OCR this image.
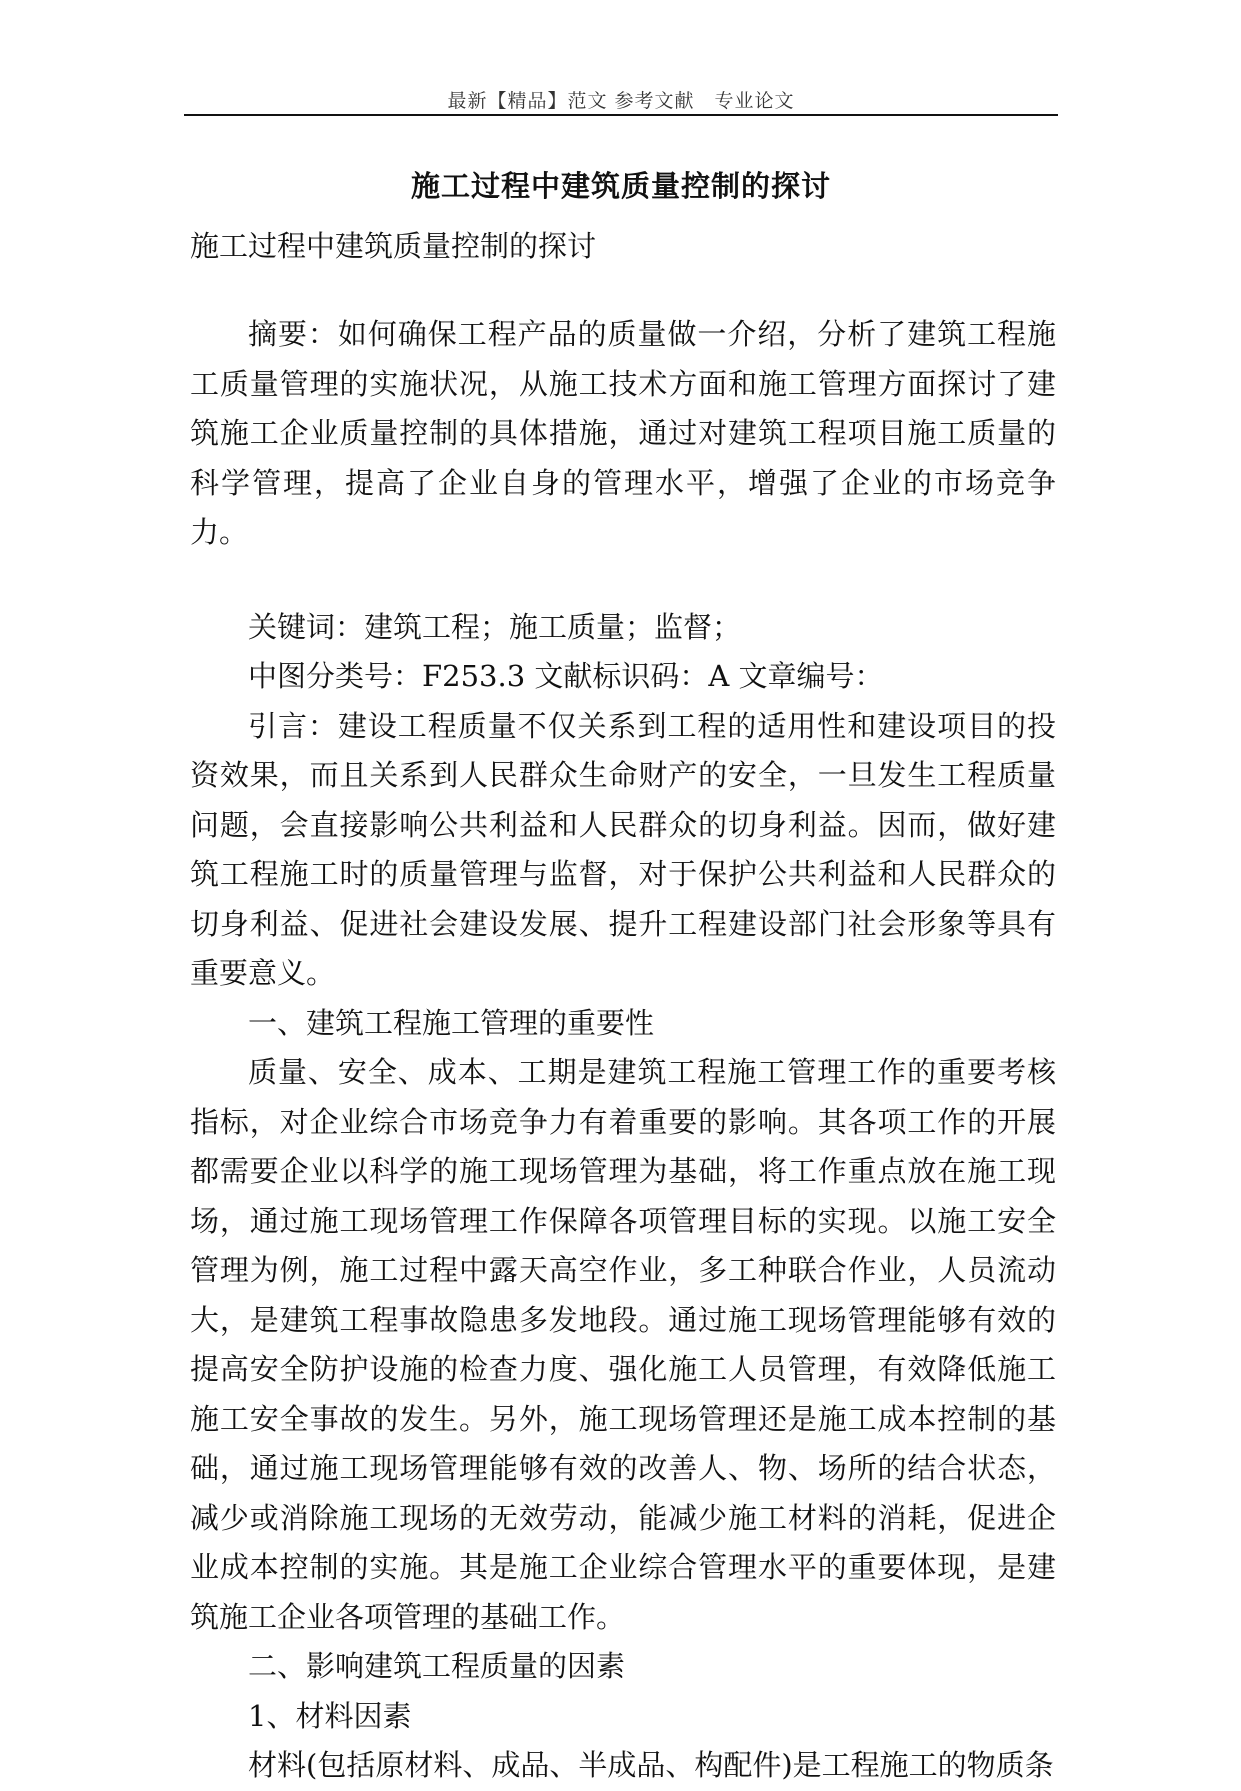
最新【精品】范文 参考文献　专业论文
施工过程中建筑质量控制的探讨
施工过程中建筑质量控制的探讨

摘要：如何确保工程产品的质量做一介绍，分析了建筑工程施工质量管理的实施状况，从施工技术方面和施工管理方面探讨了建筑施工企业质量控制的具体措施，通过对建筑工程项目施工质量的科学管理，提高了企业自身的管理水平，增强了企业的市场竞争力。

关键词：建筑工程；施工质量；监督；

中图分类号：F253.3 文献标识码：A 文章编号：

引言：建设工程质量不仅关系到工程的适用性和建设项目的投资效果，而且关系到人民群众生命财产的安全，一旦发生工程质量问题，会直接影响公共利益和人民群众的切身利益。因而，做好建筑工程施工时的质量管理与监督，对于保护公共利益和人民群众的切身利益、促进社会建设发展、提升工程建设部门社会形象等具有重要意义。

一、建筑工程施工管理的重要性

质量、安全、成本、工期是建筑工程施工管理工作的重要考核指标，对企业综合市场竞争力有着重要的影响。其各项工作的开展都需要企业以科学的施工现场管理为基础，将工作重点放在施工现场，通过施工现场管理工作保障各项管理目标的实现。以施工安全管理为例，施工过程中露天高空作业，多工种联合作业，人员流动大，是建筑工程事故隐患多发地段。通过施工现场管理能够有效的提高安全防护设施的检查力度、强化施工人员管理，有效降低施工施工安全事故的发生。另外，施工现场管理还是施工成本控制的基础，通过施工现场管理能够有效的改善人、物、场所的结合状态，减少或消除施工现场的无效劳动，能减少施工材料的消耗，促进企业成本控制的实施。其是施工企业综合管理水平的重要体现，是建筑施工企业各项管理的基础工作。

二、影响建筑工程质量的因素

1、材料因素

材料(包括原材料、成品、半成品、构配件)是工程施工的物质条
